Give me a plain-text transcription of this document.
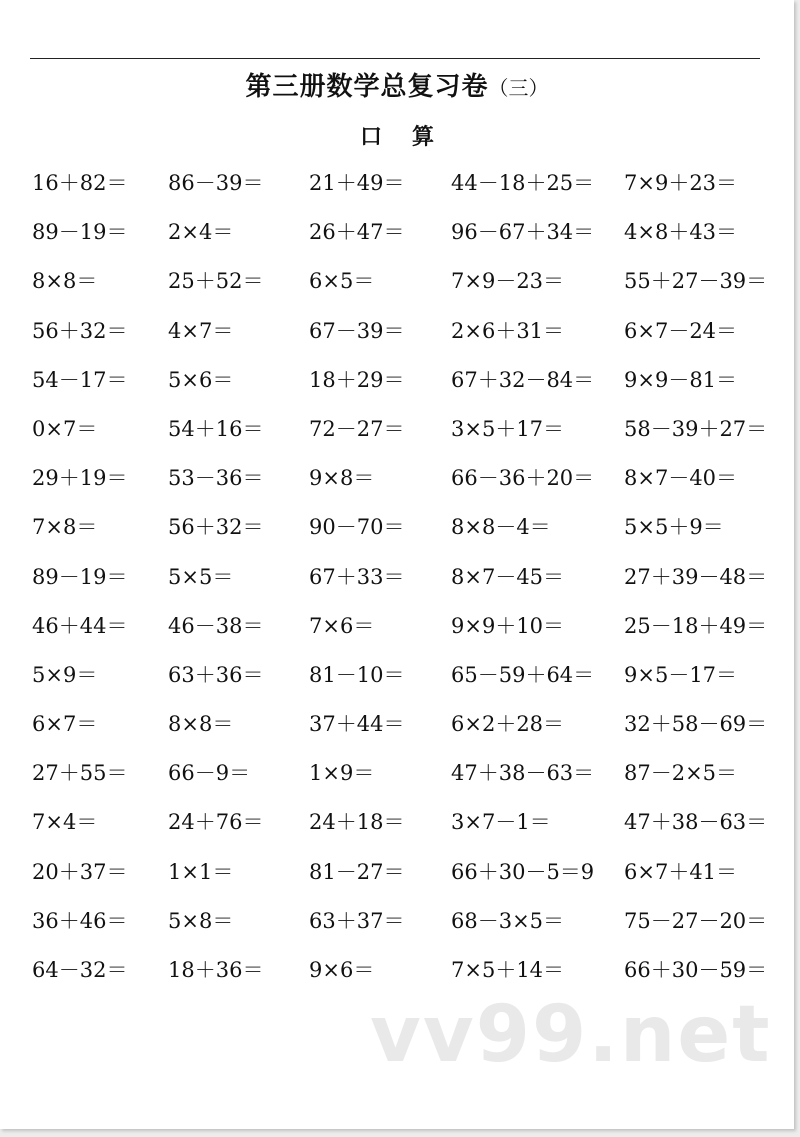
第三册数学总复习卷（三）
口算
16＋82＝ 86－39＝ 21＋49＝ 44－18＋25＝ 7×9＋23＝
89－19＝ 2×4＝	26＋47＝ 96－67＋34＝ 4×8＋43＝
8×8＝	25＋52＝ 6×5＝	7×9－23＝	55＋27－39＝
56＋32＝ 4×7＝	67－39＝ 2×6＋31＝	6×7－24＝
54－17＝ 5×6＝	18＋29＝ 67＋32－84＝ 9×9－81＝
0×7＝	54＋16＝ 72－27＝ 3×5＋17＝	58－39＋27＝
29＋19＝ 53－36＝ 9×8＝	66－36＋20＝ 8×7－40＝
7×8＝	56＋32＝ 90－70＝ 8×8－4＝	5×5＋9＝
89－19＝ 5×5＝	67＋33＝ 8×7－45＝	27＋39－48＝
46＋44＝ 46－38＝ 7×6＝	9×9＋10＝	25－18＋49＝
5×9＝	63＋36＝ 81－10＝ 65－59＋64＝ 9×5－17＝
6×7＝	8×8＝	37＋44＝ 6×2＋28＝	32＋58－69＝
27＋55＝ 66－9＝	1×9＝	47＋38－63＝ 87－2×5＝
7×4＝	24＋76＝ 24＋18＝ 3×7－1＝	47＋38－63＝
20＋37＝ 1×1＝	81－27＝ 66＋30－5＝9 6×7＋41＝
36＋46＝ 5×8＝	63＋37＝ 68－3×5＝	75－27－20＝
64－32＝ 18＋36＝ 9×6＝	7×5＋14＝	66＋30－59＝
vv99.net
